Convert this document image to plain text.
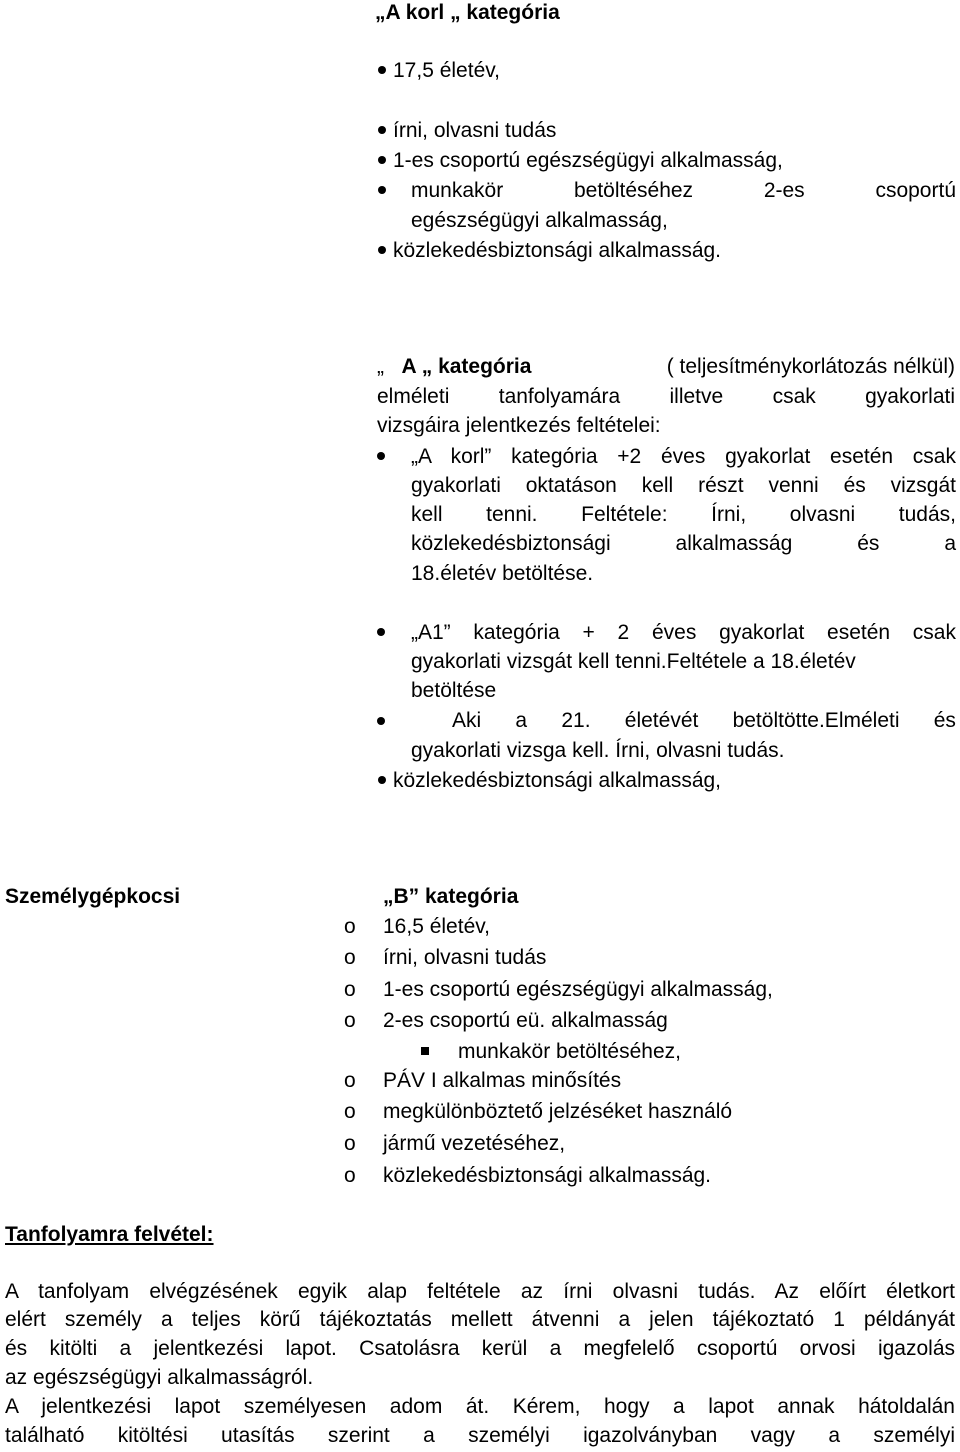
„A korl „ kategória
17,5 életév,
írni, olvasni tudás
1-es csoportú egészségügyi alkalmasság,
munkakör	betöltéséhez	2-es	csoportú
egészségügyi alkalmasság,
közlekedésbiztonsági alkalmasság.
„ A „ kategória	( teljesítménykorlátozás nélkül)
elméleti tanfolyamára illetve csak gyakorlati
vizsgáira jelentkezés feltételei:
„A korl” kategória +2 éves gyakorlat esetén csak
gyakorlati oktatáson kell részt venni és vizsgát
kell tenni. Feltétele: Írni, olvasni tudás,
közlekedésbiztonsági	alkalmasság	és	a
18.életév betöltése.
„A1” kategória + 2 éves gyakorlat esetén csak
gyakorlati vizsgát kell tenni.Feltétele a 18.életév
betöltése
Aki a 21. életévét betöltötte.Elméleti és
gyakorlati vizsga kell. Írni, olvasni tudás.
közlekedésbiztonsági alkalmasság,
Személygépkocsi	„B” kategória
o 16,5 életév,
o írni, olvasni tudás
o 1-es csoportú egészségügyi alkalmasság,
o 2-es csoportú eü. alkalmasság
munkakör betöltéséhez,
o PÁV I alkalmas minősítés
o megkülönböztető jelzéséket használó
o jármű vezetéséhez,
o közlekedésbiztonsági alkalmasság.
Tanfolyamra felvétel:
A tanfolyam elvégzésének egyik alap feltétele az írni olvasni tudás. Az előírt életkort
elért személy a teljes körű tájékoztatás mellett átvenni a jelen tájékoztató 1 példányát
és kitölti a jelentkezési lapot. Csatolásra kerül a megfelelő csoportú orvosi igazolás
az egészségügyi alkalmasságról.
A jelentkezési lapot személyesen adom át. Kérem, hogy a lapot annak hátoldalán
található kitöltési utasítás szerint a személyi igazolványban vagy a személyi
